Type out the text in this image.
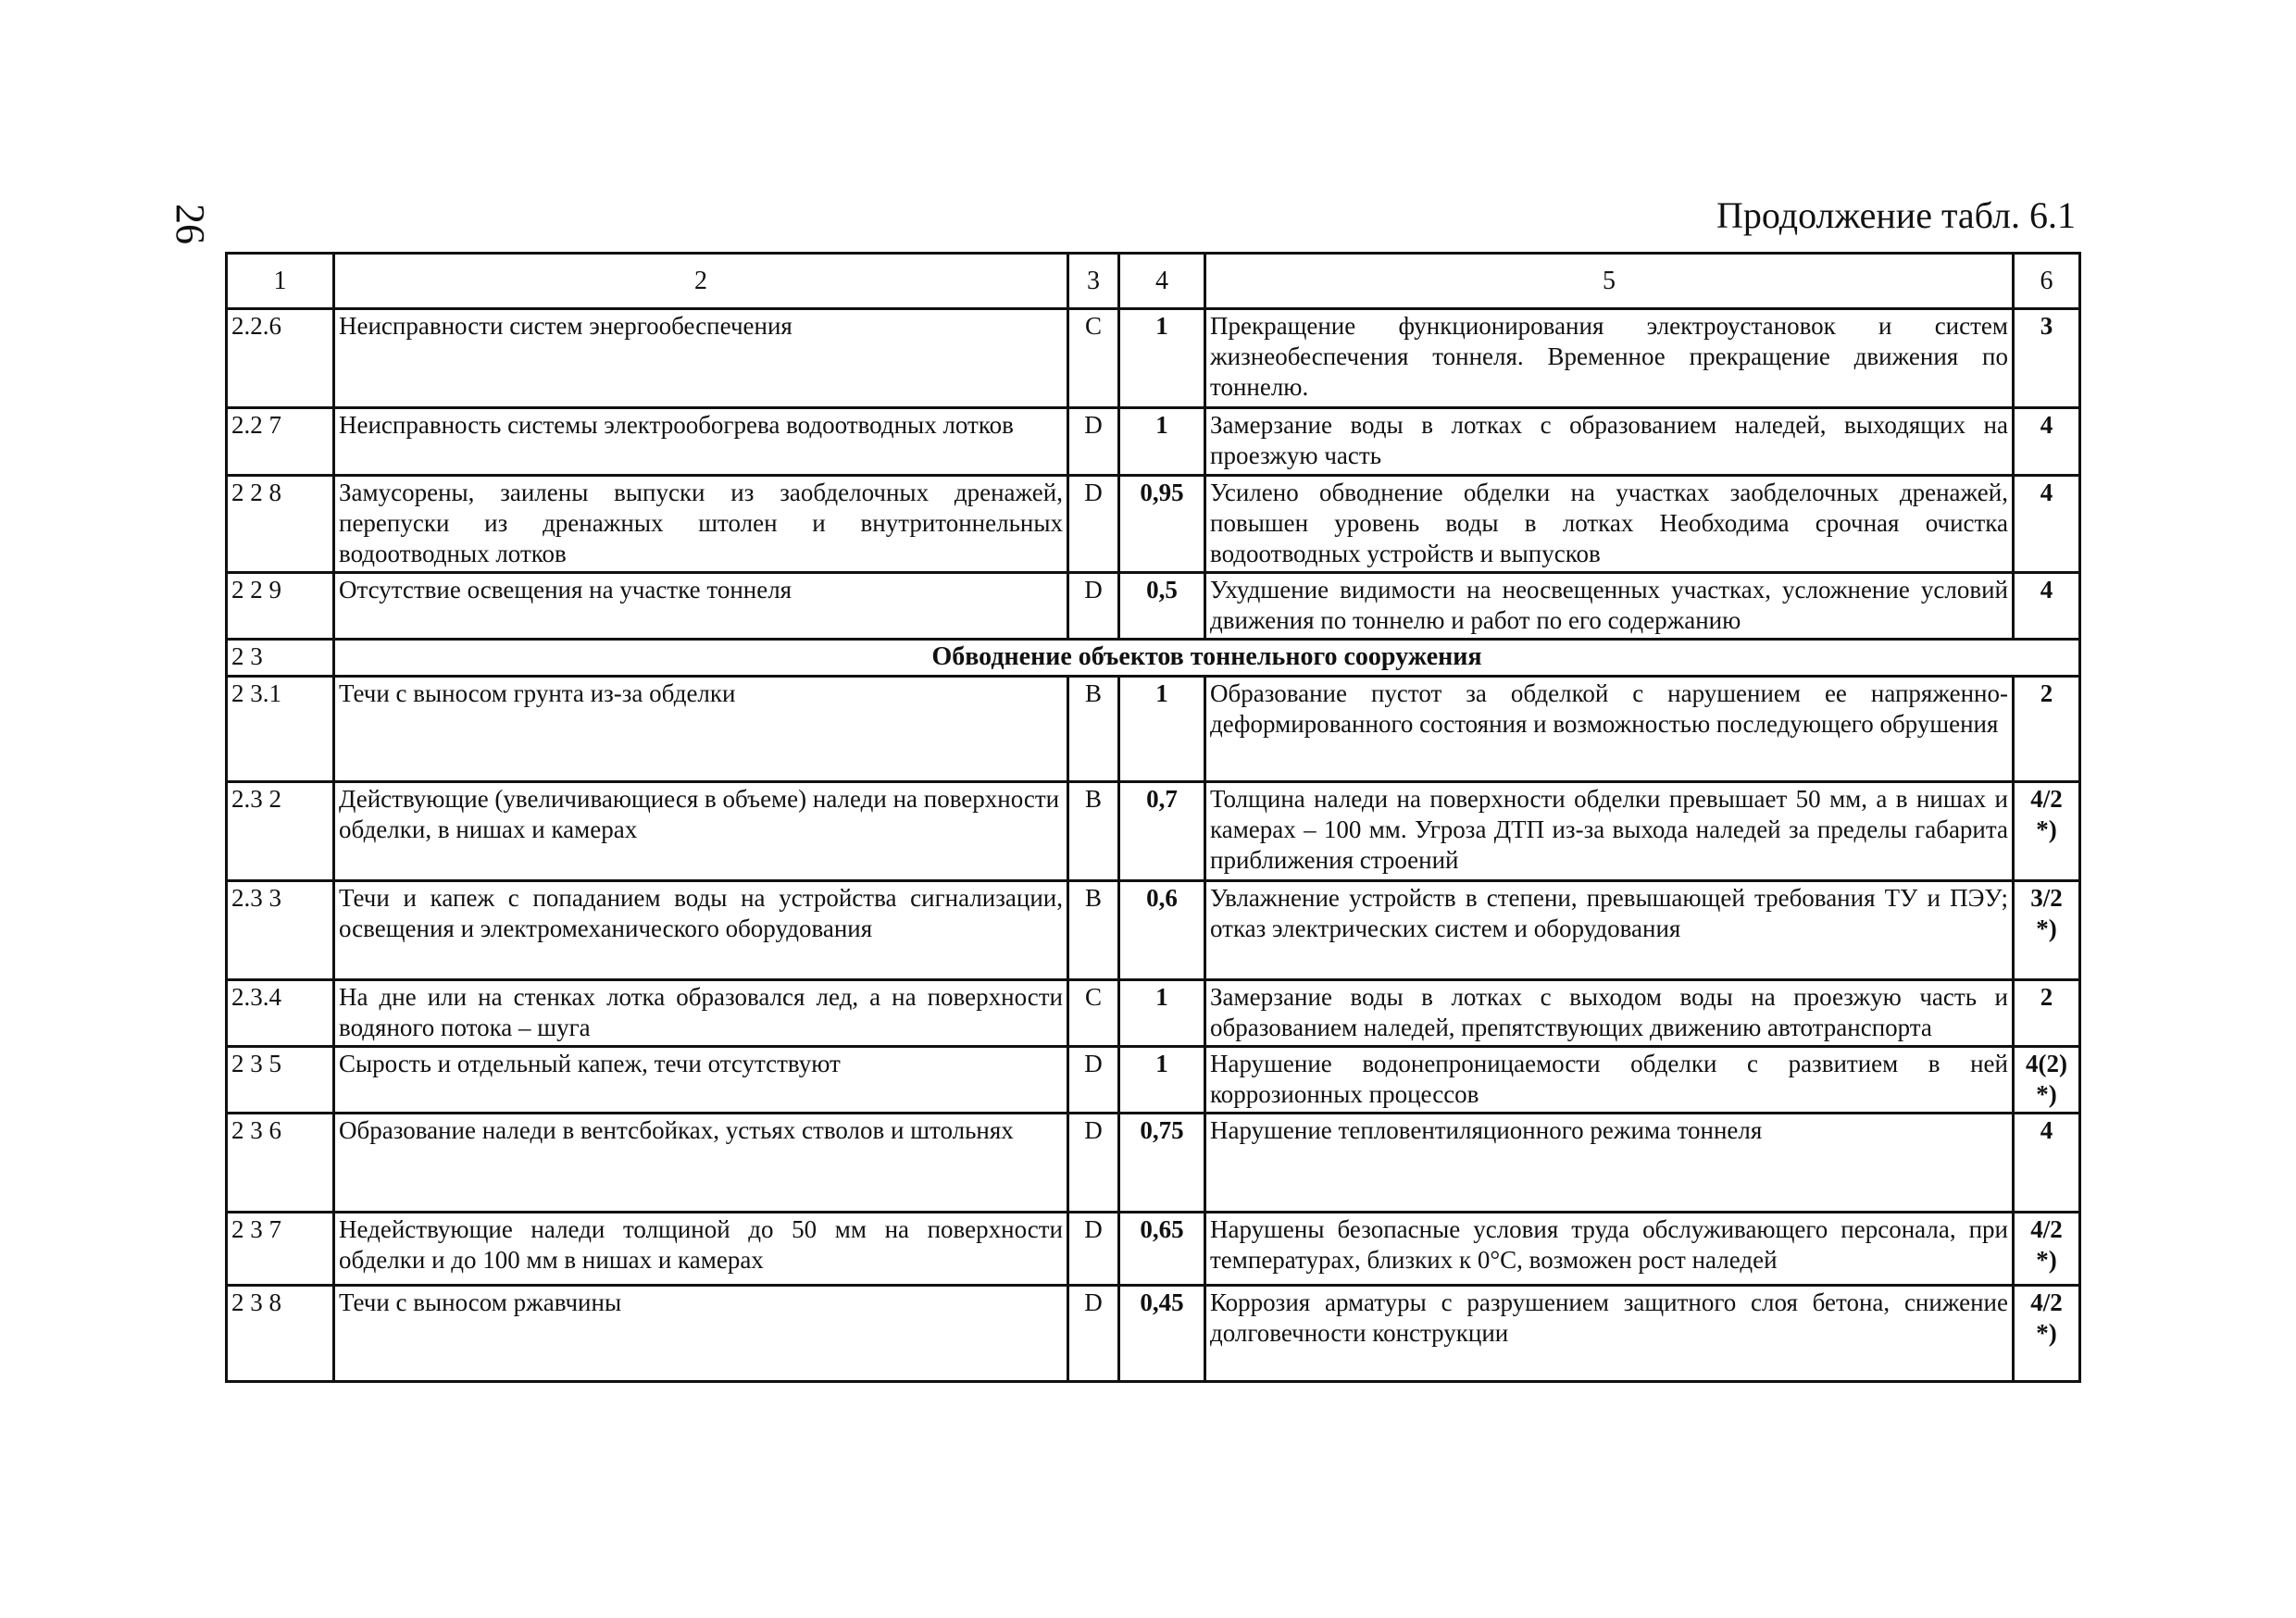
26	Продолжение табл. 6.1
1	2	3	4	5	6
2.2.6	Неисправности систем энергообеспечения	C	1	Прекращение функционирования электроустановок и систем жизнеобеспечения тоннеля. Временное прекращение движения по тоннелю.	3
2.2 7	Неисправность системы электрообогрева водоотводных лотков	D	1	Замерзание воды в лотках с образованием наледей, выходящих на проезжую часть	4
2 2 8	Замусорены, заилены выпуски из заобделочных дренажей, перепуски из дренажных штолен и внутритоннельных водоотводных лотков	D	0,95	Усилено обводнение обделки на участках заобделочных дренажей, повышен уровень воды в лотках Необходима срочная очистка водоотводных устройств и выпусков	4
2 2 9	Отсутствие освещения на участке тоннеля	D	0,5	Ухудшение видимости на неосвещенных участках, усложнение условий движения по тоннелю и работ по его содержанию	4
2 3	Обводнение объектов тоннельного сооружения				
2 3.1	Течи с выносом грунта из-за обделки	B	1	Образование пустот за обделкой с нарушением ее напряженно-деформированного состояния и возможностью последующего обрушения	2
2.3 2	Действующие (увеличивающиеся в объеме) наледи на поверхности обделки, в нишах и камерах	B	0,7	Толщина наледи на поверхности обделки превышает 50 мм, а в нишах и камерах – 100 мм. Угроза ДТП из-за выхода наледей за пределы габарита приближения строений	4/2 *)
2.3 3	Течи и капеж с попаданием воды на устройства сигнализации, освещения и электромеханического оборудования	B	0,6	Увлажнение устройств в степени, превышающей требования ТУ и ПЭУ; отказ электрических систем и оборудования	3/2 *)
2.3.4	На дне или на стенках лотка образовался лед, а на поверхности водяного потока – шуга	C	1	Замерзание воды в лотках с выходом воды на проезжую часть и образованием наледей, препятствующих движению автотранспорта	2
2 3 5	Сырость и отдельный капеж, течи отсутствуют	D	1	Нарушение водонепроницаемости обделки с развитием в ней коррозионных процессов	4(2) *)
2 3 6	Образование наледи в вентсбойках, устьях стволов и штольнях	D	0,75	Нарушение тепловентиляционного режима тоннеля	4
2 3 7	Недействующие наледи толщиной до 50 мм на поверхности обделки и до 100 мм в нишах и камерах	D	0,65	Нарушены безопасные условия труда обслуживающего персонала, при температурах, близких к 0°С, возможен рост наледей	4/2 *)
2 3 8	Течи с выносом ржавчины	D	0,45	Коррозия арматуры с разрушением защитного слоя бетона, снижение долговечности конструкции	4/2 *)
